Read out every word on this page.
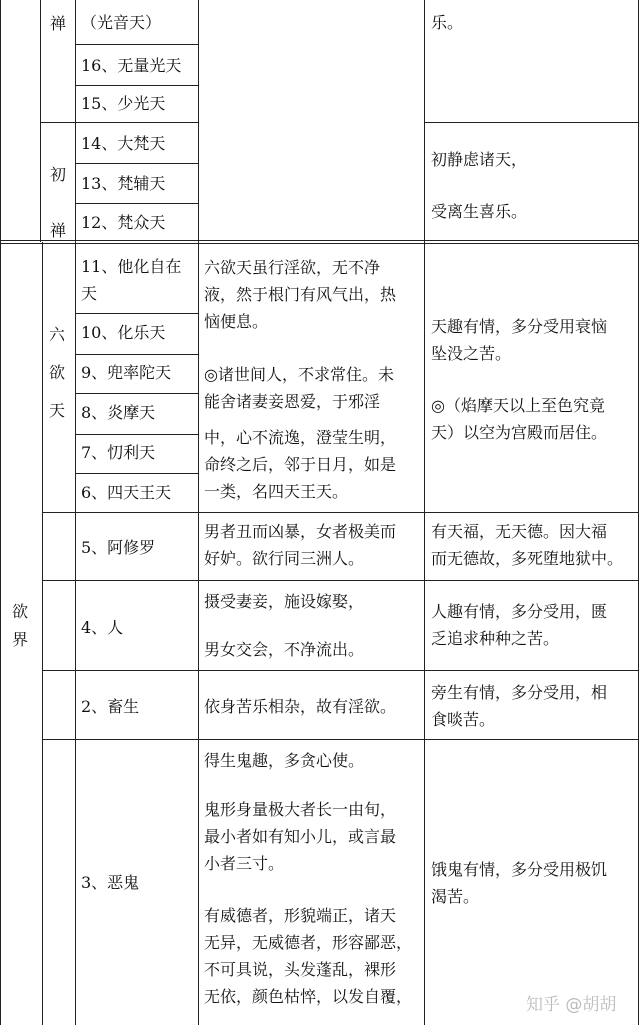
禅
初禅
六欲天
欲界
（光音天）	乐。
16、无量光天
15、少光天
14、大梵天
13、梵辅天
12、梵众天
初静虑诸天，
受离生喜乐。
11、他化自在
天
10、化乐天
9、兜率陀天
8、炎摩天
7、忉利天
6、四天王天
六欲天虽行淫欲，无不净
液，然于根门有风气出，热
恼便息。
◎诸世间人，不求常住。未
能舍诸妻妾恩爱，于邪淫
中，心不流逸，澄莹生明，
命终之后，邻于日月，如是
一类，名四天王天。
天趣有情，多分受用衰恼
坠没之苦。
◎（焰摩天以上至色究竟
天）以空为宫殿而居住。
5、阿修罗
男者丑而凶暴，女者极美而
好妒。欲行同三洲人。
有天福，无天德。因大福
而无德故，多死堕地狱中。
4、人
摄受妻妾，施设嫁娶，
男女交会，不净流出。
人趣有情，多分受用，匮
乏追求种种之苦。
2、畜生	依身苦乐相杂，故有淫欲。
旁生有情，多分受用，相
食啖苦。
3、恶鬼
得生鬼趣，多贪心使。
鬼形身量极大者长一由旬，
最小者如有知小儿，或言最
小者三寸。
有威德者，形貌端正，诸天
无异，无威德者，形容鄙恶，
不可具说，头发蓬乱，裸形
无依，颜色枯悴，以发自覆，
饿鬼有情，多分受用极饥
渴苦。
知乎 @胡胡
